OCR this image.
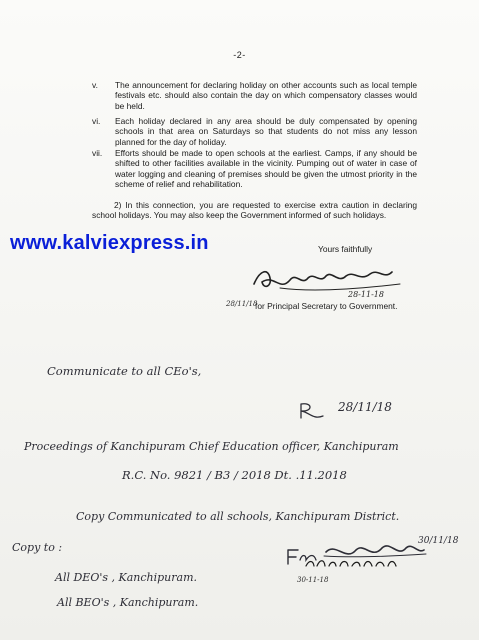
-2-
v.	The announcement for declaring holiday on other accounts such as local temple festivals etc. should also contain the day on which compensatory classes would be held.
vi.	Each holiday declared in any area should be duly compensated by opening schools in that area on Saturdays so that students do not miss any lesson planned for the day of holiday.
vii.	Efforts should be made to open schools at the earliest. Camps, if any should be shifted to other facilities available in the vicinity. Pumping out of water in case of water logging and cleaning of premises should be given the utmost priority in the scheme of relief and rehabilitation.
2) In this connection, you are requested to exercise extra caution in declaring school holidays. You may also keep the Government informed of such holidays.
www.kalviexpress.in	Yours faithfully
28-11-18
for Principal Secretary to Government.
28/11/18
Communicate to all CEo's,
28/11/18
Proceedings of Kanchipuram Chief Education officer, Kanchipuram
R.C. No. 9821 / B3 / 2018 Dt. .11.2018
Copy Communicated to all schools, Kanchipuram District.
Copy to :
All DEO's , Kanchipuram.
All BEO's , Kanchipuram.
30/11/18
30-11-18
